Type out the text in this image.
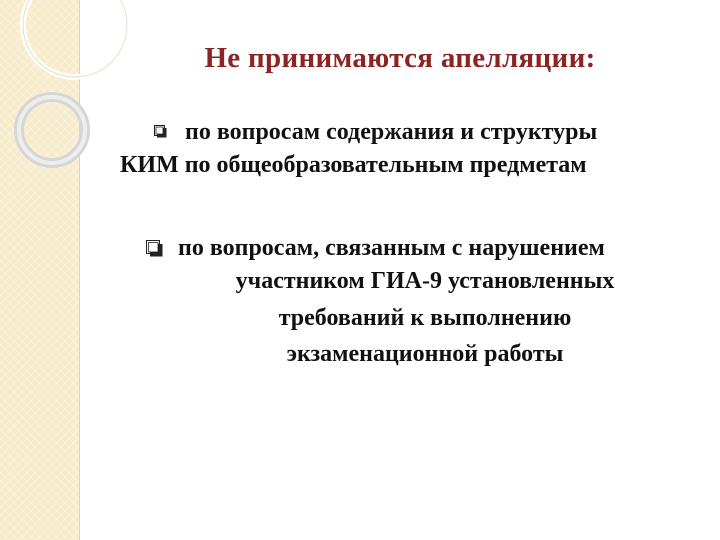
Не принимаются апелляции:
по вопросам содержания и структуры
КИМ по общеобразовательным предметам
по вопросам, связанным с нарушением
участником ГИА-9 установленных
требований к выполнению
экзаменационной работы
